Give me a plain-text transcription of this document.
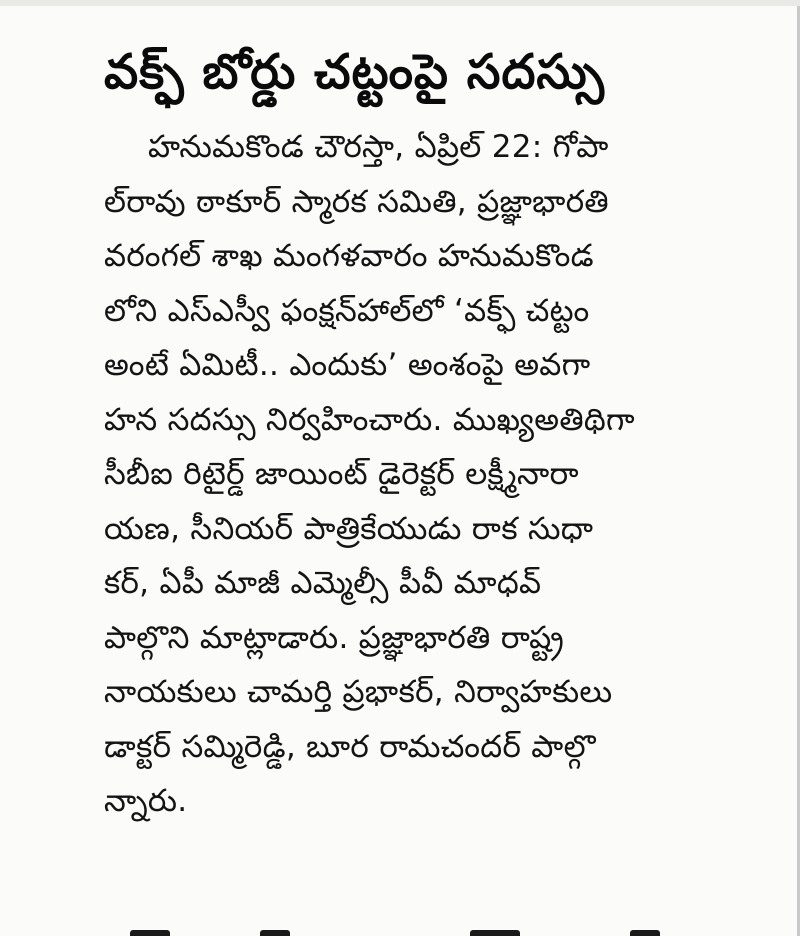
వక్ఫ్ బోర్డు చట్టంపై సదస్సు
హనుమకొండ చౌరస్తా, ఏప్రిల్ 22: గోపా
ల్‌రావు ఠాకూర్ స్మారక సమితి, ప్రజ్ఞాభారతి
వరంగల్ శాఖ మంగళవారం హనుమకొండ
లోని ఎస్ఎస్వీ ఫంక్షన్‌హాల్‌లో ‘వక్ఫ్ చట్టం
అంటే ఏమిటీ.. ఎందుకు’ అంశంపై అవగా
హన సదస్సు నిర్వహించారు. ముఖ్యఅతిథిగా
సీబీఐ రిటైర్డ్ జాయింట్ డైరెక్టర్ లక్ష్మీనారా
యణ, సీనియర్ పాత్రికేయుడు రాక సుధా
కర్, ఏపీ మాజీ ఎమ్మెల్సీ పీవీ మాధవ్
పాల్గొని మాట్లాడారు. ప్రజ్ఞాభారతి రాష్ట్ర
నాయకులు చామర్తి ప్రభాకర్, నిర్వాహకులు
డాక్టర్ సమ్మిరెడ్డి, బూర రామచందర్ పాల్గొ
న్నారు.
